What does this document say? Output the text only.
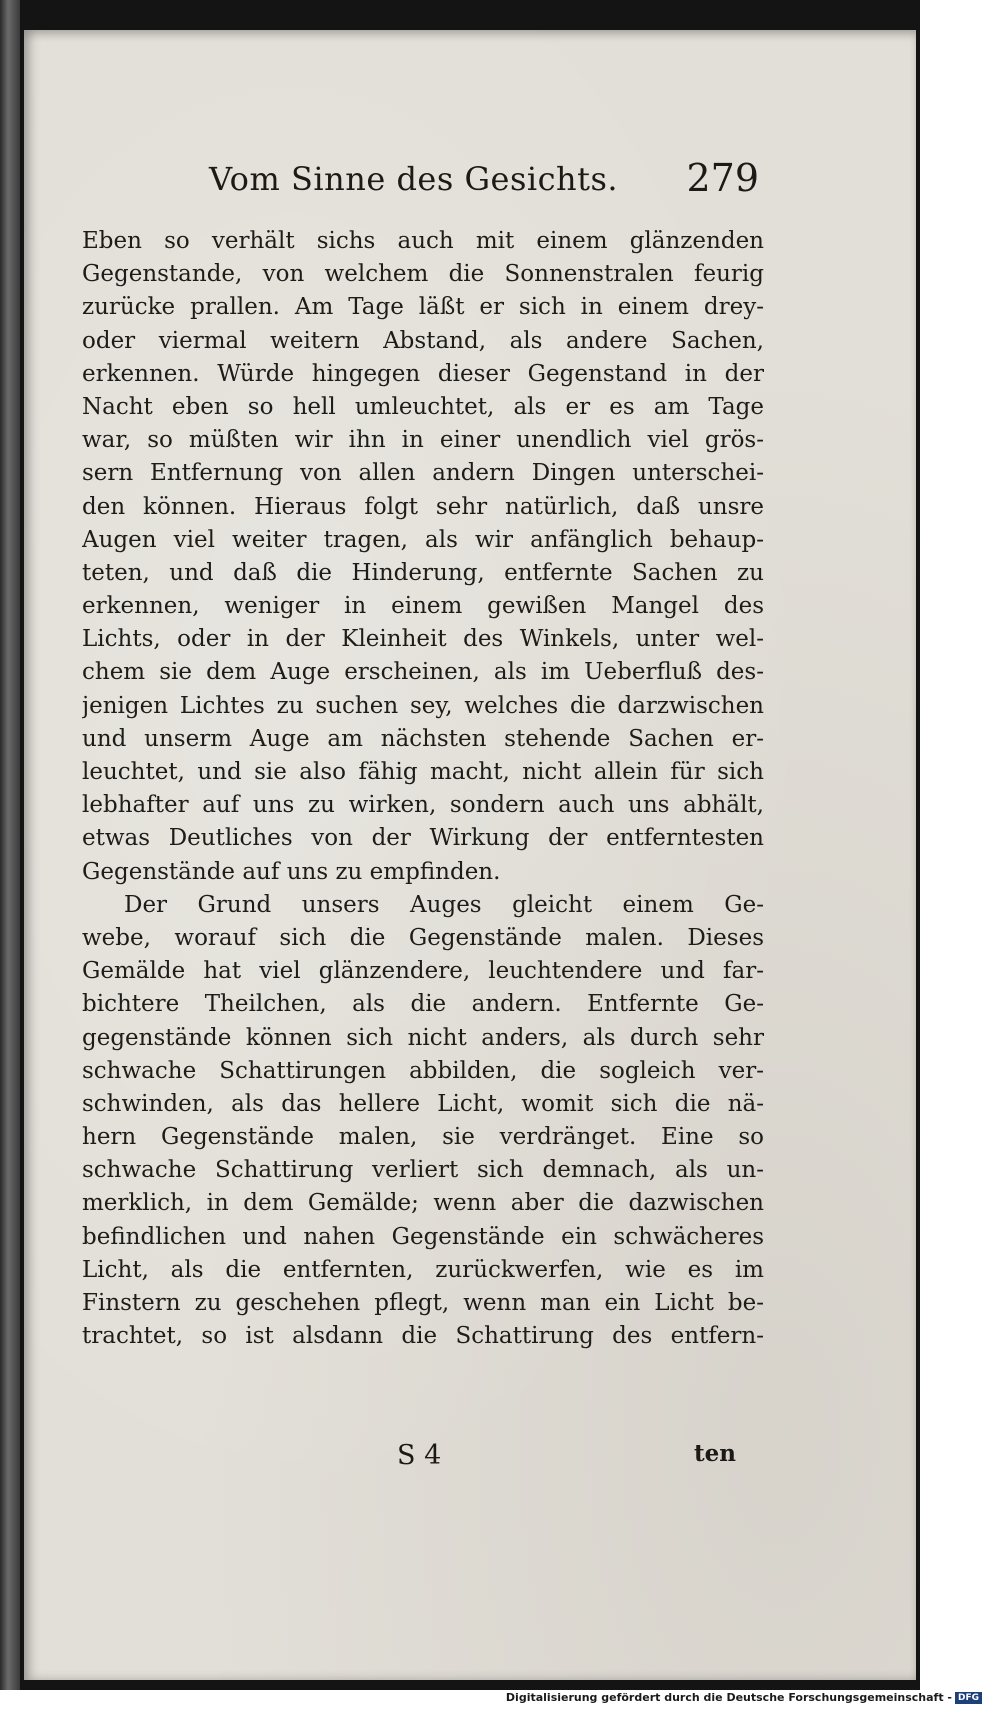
Vom Sinne des Gesichts. 279
Eben so verhält sichs auch mit einem glänzenden
Gegenstande, von welchem die Sonnenstralen feurig
zurücke prallen. Am Tage läßt er sich in einem drey-
oder viermal weitern Abstand, als andere Sachen,
erkennen. Würde hingegen dieser Gegenstand in der
Nacht eben so hell umleuchtet, als er es am Tage
war, so müßten wir ihn in einer unendlich viel grös-
sern Entfernung von allen andern Dingen unterschei-
den können. Hieraus folgt sehr natürlich, daß unsre
Augen viel weiter tragen, als wir anfänglich behaup-
teten, und daß die Hinderung, entfernte Sachen zu
erkennen, weniger in einem gewißen Mangel des
Lichts, oder in der Kleinheit des Winkels, unter wel-
chem sie dem Auge erscheinen, als im Ueberfluß des-
jenigen Lichtes zu suchen sey, welches die darzwischen
und unserm Auge am nächsten stehende Sachen er-
leuchtet, und sie also fähig macht, nicht allein für sich
lebhafter auf uns zu wirken, sondern auch uns abhält,
etwas Deutliches von der Wirkung der entferntesten
Gegenstände auf uns zu empfinden.
Der Grund unsers Auges gleicht einem Ge-
webe, worauf sich die Gegenstände malen. Dieses
Gemälde hat viel glänzendere, leuchtendere und far-
bichtere Theilchen, als die andern. Entfernte Ge-
gegenstände können sich nicht anders, als durch sehr
schwache Schattirungen abbilden, die sogleich ver-
schwinden, als das hellere Licht, womit sich die nä-
hern Gegenstände malen, sie verdränget. Eine so
schwache Schattirung verliert sich demnach, als un-
merklich, in dem Gemälde; wenn aber die dazwischen
befindlichen und nahen Gegenstände ein schwächeres
Licht, als die entfernten, zurückwerfen, wie es im
Finstern zu geschehen pflegt, wenn man ein Licht be-
trachtet, so ist alsdann die Schattirung des entfern-
S 4	ten
Digitalisierung gefördert durch die Deutsche Forschungsgemeinschaft - DFG
